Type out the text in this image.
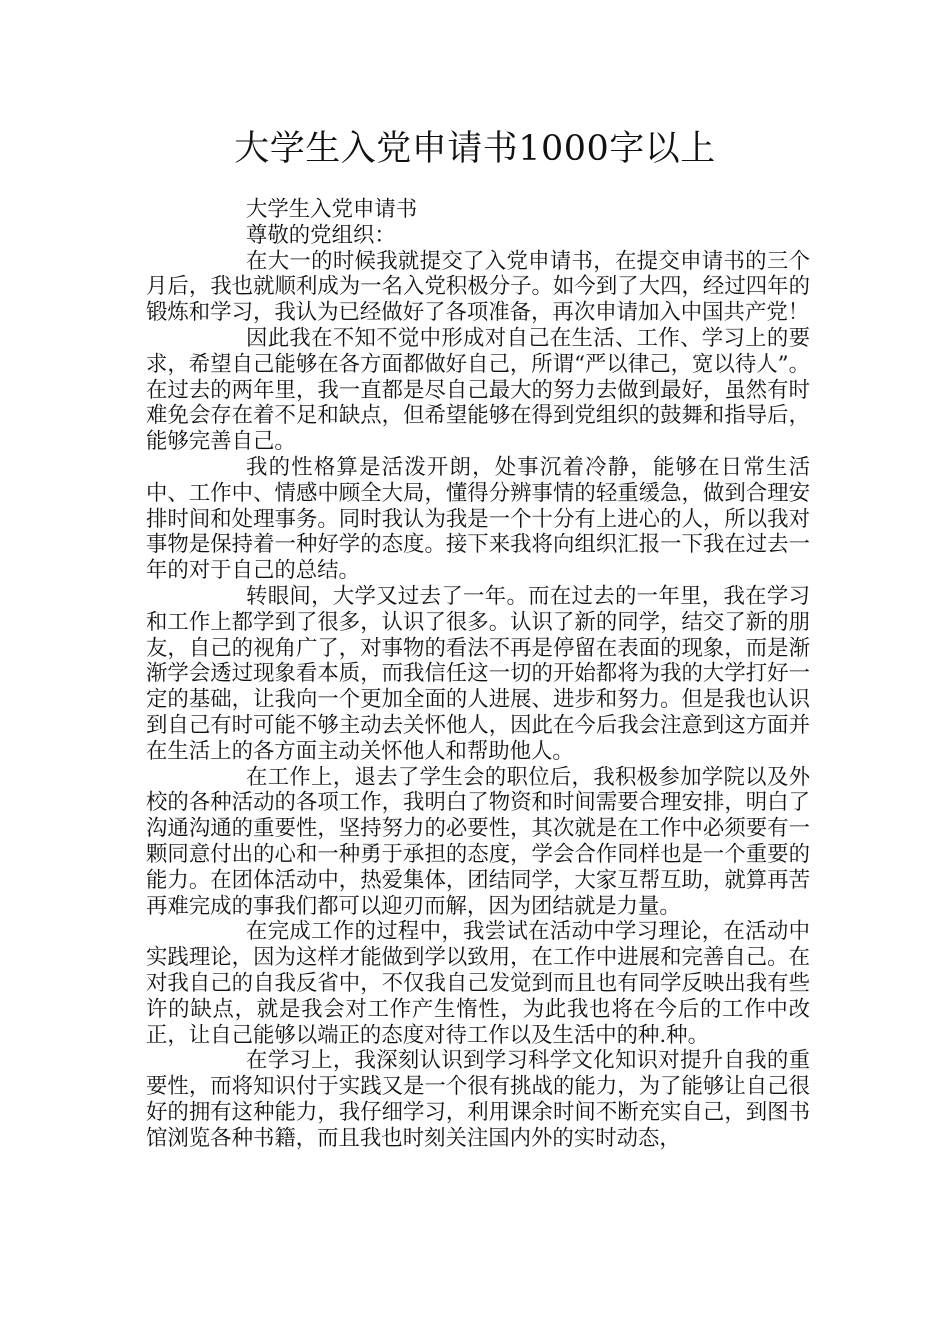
大学生入党申请书1000字以上

大学生入党申请书

尊敬的党组织：

在大一的时候我就提交了入党申请书，在提交申请书的三个月后，我也就顺利成为一名入党积极分子。如今到了大四，经过四年的锻炼和学习，我认为已经做好了各项准备，再次申请加入中国共产党！

因此我在不知不觉中形成对自己在生活、工作、学习上的要求，希望自己能够在各方面都做好自己，所谓“严以律己，宽以待人”。在过去的两年里，我一直都是尽自己最大的努力去做到最好，虽然有时难免会存在着不足和缺点，但希望能够在得到党组织的鼓舞和指导后，能够完善自己。

我的性格算是活泼开朗，处事沉着冷静，能够在日常生活中、工作中、情感中顾全大局，懂得分辨事情的轻重缓急，做到合理安排时间和处理事务。同时我认为我是一个十分有上进心的人，所以我对事物是保持着一种好学的态度。接下来我将向组织汇报一下我在过去一年的对于自己的总结。

转眼间，大学又过去了一年。而在过去的一年里，我在学习和工作上都学到了很多，认识了很多。认识了新的同学，结交了新的朋友，自己的视角广了，对事物的看法不再是停留在表面的现象，而是渐渐学会透过现象看本质，而我信任这一切的开始都将为我的大学打好一定的基础，让我向一个更加全面的人进展、进步和努力。但是我也认识到自己有时可能不够主动去关怀他人，因此在今后我会注意到这方面并在生活上的各方面主动关怀他人和帮助他人。

在工作上，退去了学生会的职位后，我积极参加学院以及外校的各种活动的各项工作，我明白了物资和时间需要合理安排，明白了沟通沟通的重要性，坚持努力的必要性，其次就是在工作中必须要有一颗同意付出的心和一种勇于承担的态度，学会合作同样也是一个重要的能力。在团体活动中，热爱集体，团结同学，大家互帮互助，就算再苦再难完成的事我们都可以迎刃而解，因为团结就是力量。

在完成工作的过程中，我尝试在活动中学习理论，在活动中实践理论，因为这样才能做到学以致用，在工作中进展和完善自己。在对我自己的自我反省中，不仅我自己发觉到而且也有同学反映出我有些许的缺点，就是我会对工作产生惰性，为此我也将在今后的工作中改正，让自己能够以端正的态度对待工作以及生活中的种.种。

在学习上，我深刻认识到学习科学文化知识对提升自我的重要性，而将知识付于实践又是一个很有挑战的能力，为了能够让自己很好的拥有这种能力，我仔细学习，利用课余时间不断充实自己，到图书馆浏览各种书籍，而且我也时刻关注国内外的实时动态，
